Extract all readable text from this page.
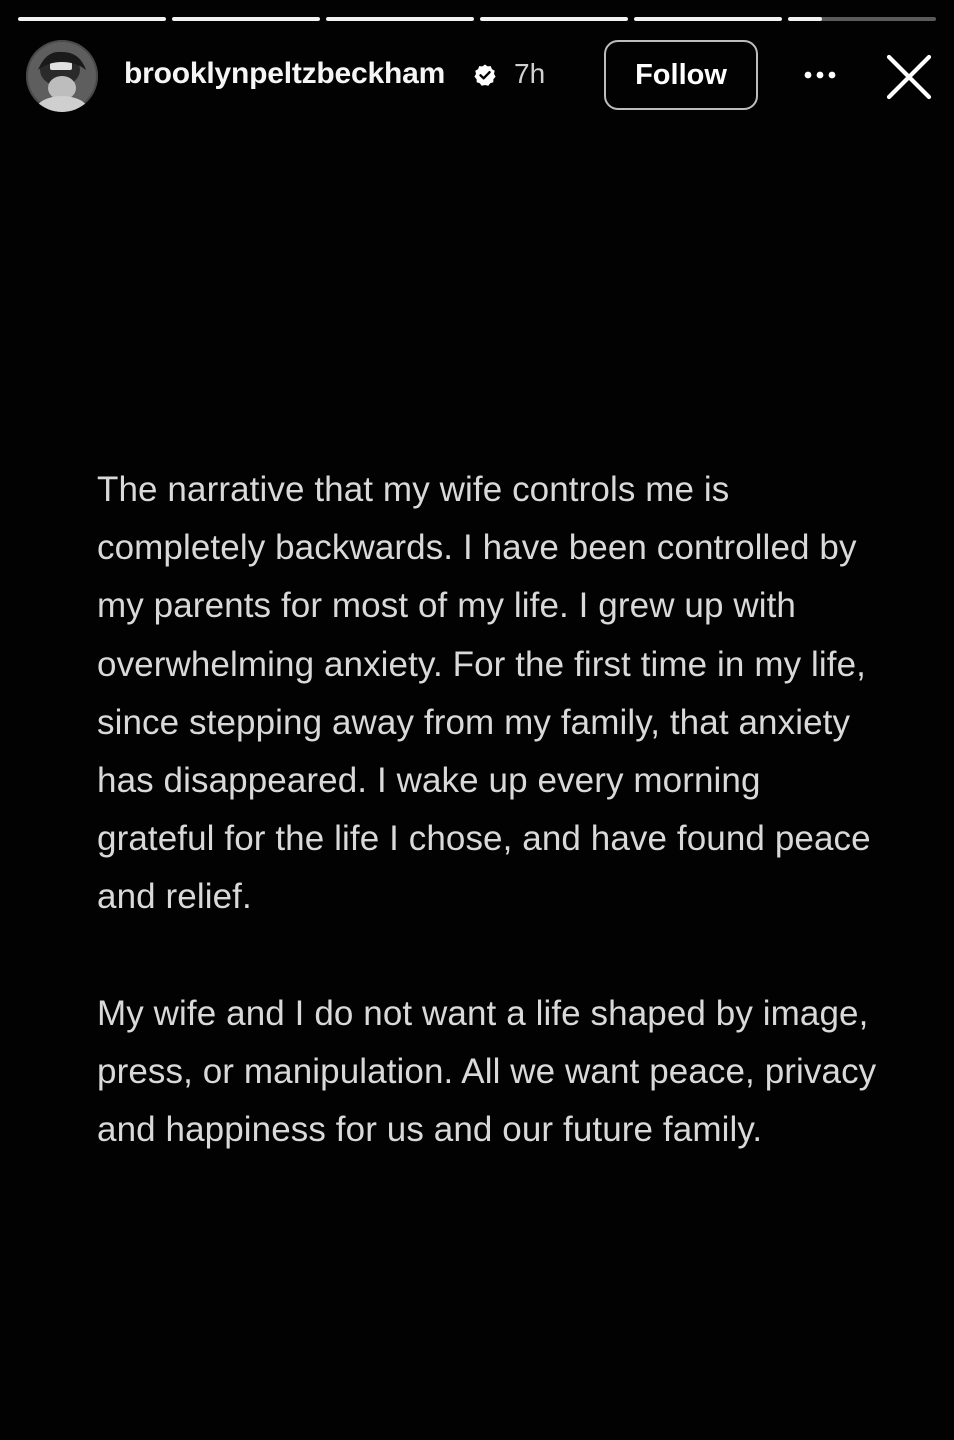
brooklynpeltzbeckham 7h	Follow

The narrative that my wife controls me is completely backwards. I have been controlled by my parents for most of my life. I grew up with overwhelming anxiety. For the first time in my life, since stepping away from my family, that anxiety has disappeared. I wake up every morning grateful for the life I chose, and have found peace and relief.

My wife and I do not want a life shaped by image, press, or manipulation. All we want peace, privacy and happiness for us and our future family.
